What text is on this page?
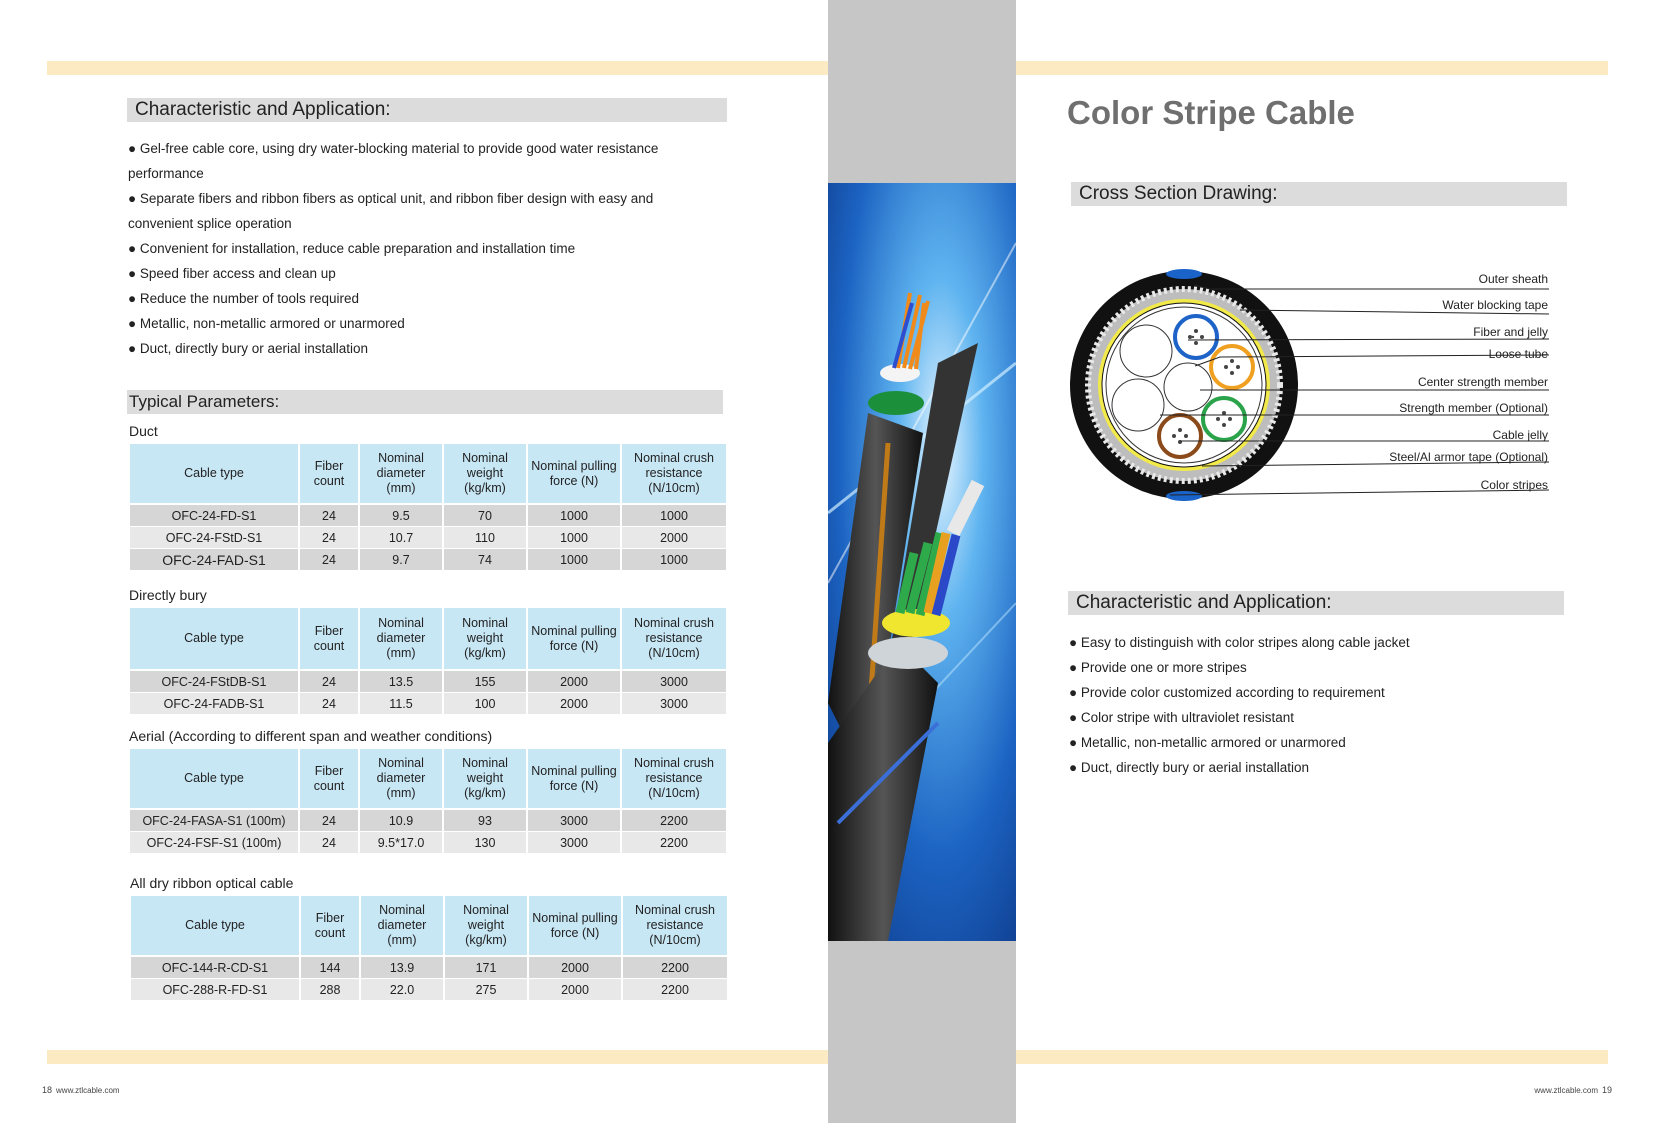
Characteristic and Application:
● Gel-free cable core, using dry water-blocking material to provide good water resistance
performance
● Separate fibers and ribbon fibers as optical unit, and ribbon fiber design with easy and
convenient splice operation
● Convenient for installation, reduce cable preparation and installation time
● Speed fiber access and clean up
● Reduce the number of tools required
● Metallic, non-metallic armored or unarmored
● Duct, directly bury or aerial installation
Typical Parameters:
Duct
Cable type	Fiber count	Nominal diameter (mm)	Nominal weight (kg/km)	Nominal pulling force (N)	Nominal crush resistance (N/10cm)
OFC-24-FD-S1	24	9.5	70	1000	1000
OFC-24-FStD-S1	24	10.7	110	1000	2000
OFC-24-FAD-S1	24	9.7	74	1000	1000
Directly bury
Cable type	Fiber count	Nominal diameter (mm)	Nominal weight (kg/km)	Nominal pulling force (N)	Nominal crush resistance (N/10cm)
OFC-24-FStDB-S1	24	13.5	155	2000	3000
OFC-24-FADB-S1	24	11.5	100	2000	3000
Aerial (According to different span and weather conditions)
Cable type	Fiber count	Nominal diameter (mm)	Nominal weight (kg/km)	Nominal pulling force (N)	Nominal crush resistance (N/10cm)
OFC-24-FASA-S1 (100m)	24	10.9	93	3000	2200
OFC-24-FSF-S1 (100m)	24	9.5*17.0	130	3000	2200
All dry ribbon optical cable
Cable type	Fiber count	Nominal diameter (mm)	Nominal weight (kg/km)	Nominal pulling force (N)	Nominal crush resistance (N/10cm)
OFC-144-R-CD-S1	144	13.9	171	2000	2200
OFC-288-R-FD-S1	288	22.0	275	2000	2200
18 www.ztlcable.com
Color Stripe Cable
Cross Section Drawing:
Outer sheath
Water blocking tape
Fiber and jelly
Loose tube
Center strength member
Strength member (Optional)
Cable jelly
Steel/Al armor tape (Optional)
Color stripes
Characteristic and Application:
● Easy to distinguish with color stripes along cable jacket
● Provide one or more stripes
● Provide color customized according to requirement
● Color stripe with ultraviolet resistant
● Metallic, non-metallic armored or unarmored
● Duct, directly bury or aerial installation
www.ztlcable.com 19
